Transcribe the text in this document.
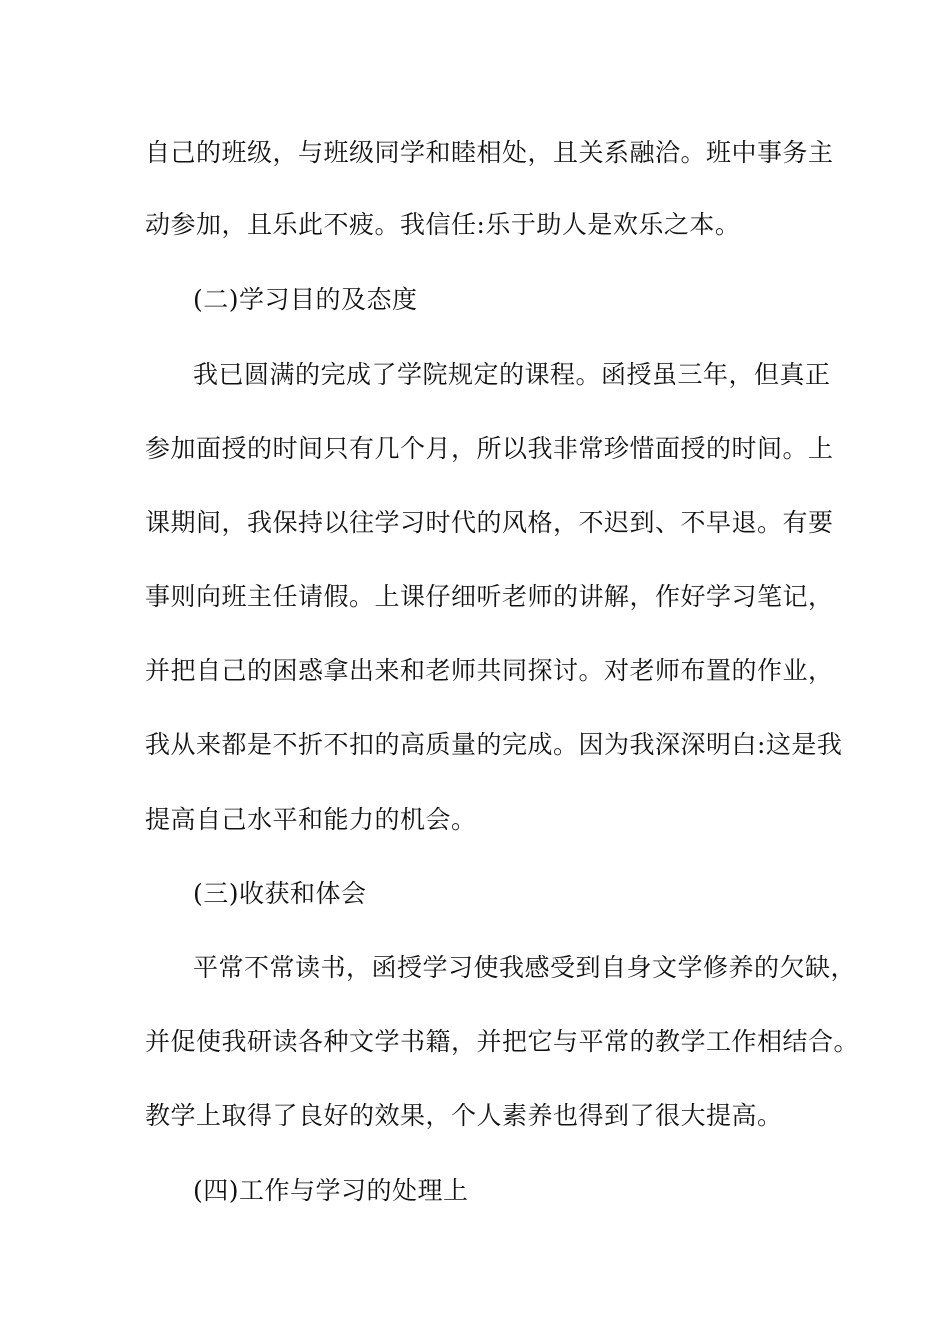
自己的班级，与班级同学和睦相处，且关系融洽。班中事务主
动参加，且乐此不疲。我信任:乐于助人是欢乐之本。
(二)学习目的及态度
我已圆满的完成了学院规定的课程。函授虽三年，但真正
参加面授的时间只有几个月，所以我非常珍惜面授的时间。上
课期间，我保持以往学习时代的风格，不迟到、不早退。有要
事则向班主任请假。上课仔细听老师的讲解，作好学习笔记，
并把自己的困惑拿出来和老师共同探讨。对老师布置的作业，
我从来都是不折不扣的高质量的完成。因为我深深明白:这是我
提高自己水平和能力的机会。
(三)收获和体会
平常不常读书，函授学习使我感受到自身文学修养的欠缺，
并促使我研读各种文学书籍，并把它与平常的教学工作相结合。
教学上取得了良好的效果，个人素养也得到了很大提高。
(四)工作与学习的处理上
